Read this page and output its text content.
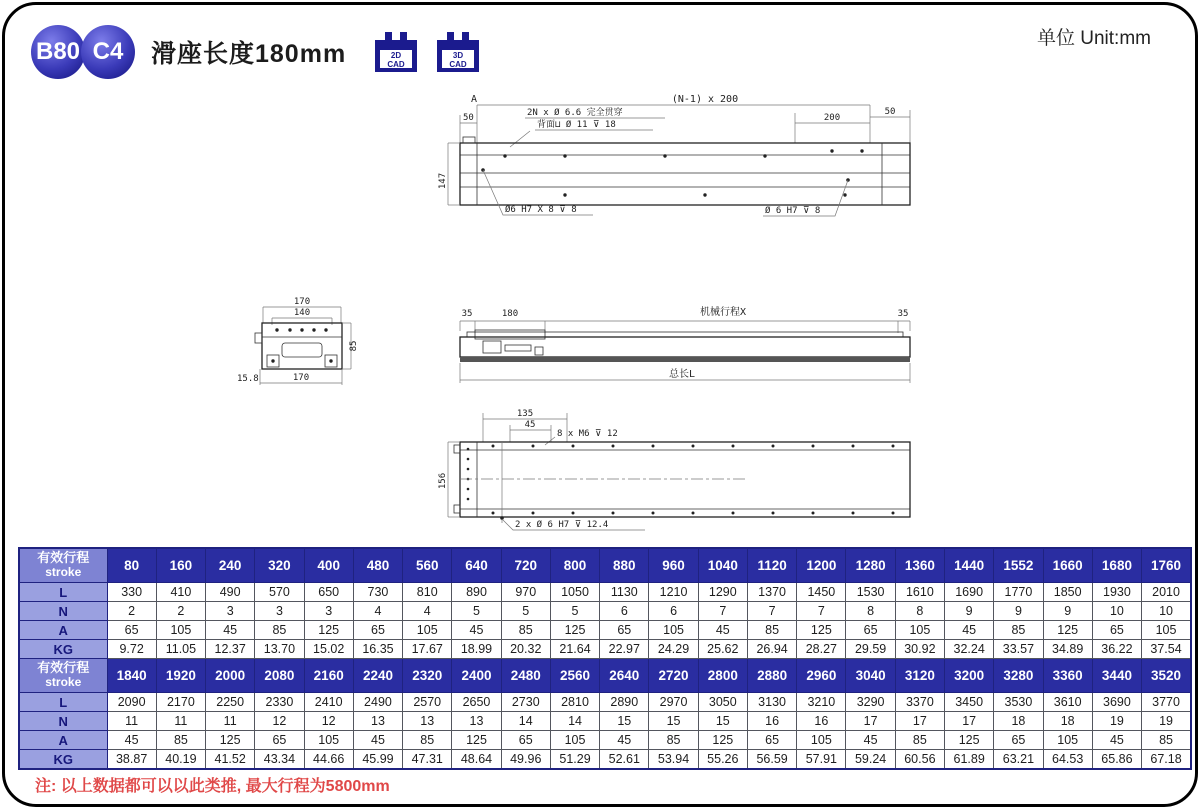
B80 C4	滑座长度180mm	2D
CAD
3D
CAD
单位 Unit:mm
A	(N-1) x 200
50	2N x Ø 6.6 完全贯穿
背面⊔ Ø 11 ⊽ 18
200
50
147
Ø6 H7 X 8 ⊽ 8	Ø 6 H7 ⊽ 8
170
140
85
15.8	170
35	180	机械行程X	35
总长L
135
45
8 x M6 ⊽ 12
156
2 x Ø 6 H7 ⊽ 12.4
有效行程
stroke	80	160	240	320	400	480	560	640	720	800	880	960	1040	1120	1200	1280	1360	1440	1552	1660	1680	1760
L	330	410	490	570	650	730	810	890	970	1050	1130	1210	1290	1370	1450	1530	1610	1690	1770	1850	1930	2010
N	2	2	3	3	3	4	4	5	5	5	6	6	7	7	7	8	8	9	9	9	10	10
A	65	105	45	85	125	65	105	45	85	125	65	105	45	85	125	65	105	45	85	125	65	105
KG	9.72	11.05	12.37	13.70	15.02	16.35	17.67	18.99	20.32	21.64	22.97	24.29	25.62	26.94	28.27	29.59	30.92	32.24	33.57	34.89	36.22	37.54

有效行程
stroke	1840	1920	2000	2080	2160	2240	2320	2400	2480	2560	2640	2720	2800	2880	2960	3040	3120	3200	3280	3360	3440	3520
L	2090	2170	2250	2330	2410	2490	2570	2650	2730	2810	2890	2970	3050	3130	3210	3290	3370	3450	3530	3610	3690	3770
N	11	11	11	12	12	13	13	13	14	14	15	15	15	16	16	17	17	17	18	18	19	19
A	45	85	125	65	105	45	85	125	65	105	45	85	125	65	105	45	85	125	65	105	45	85
KG	38.87	40.19	41.52	43.34	44.66	45.99	47.31	48.64	49.96	51.29	52.61	53.94	55.26	56.59	57.91	59.24	60.56	61.89	63.21	64.53	65.86	67.18
注: 以上数据都可以以此类推, 最大行程为5800mm
